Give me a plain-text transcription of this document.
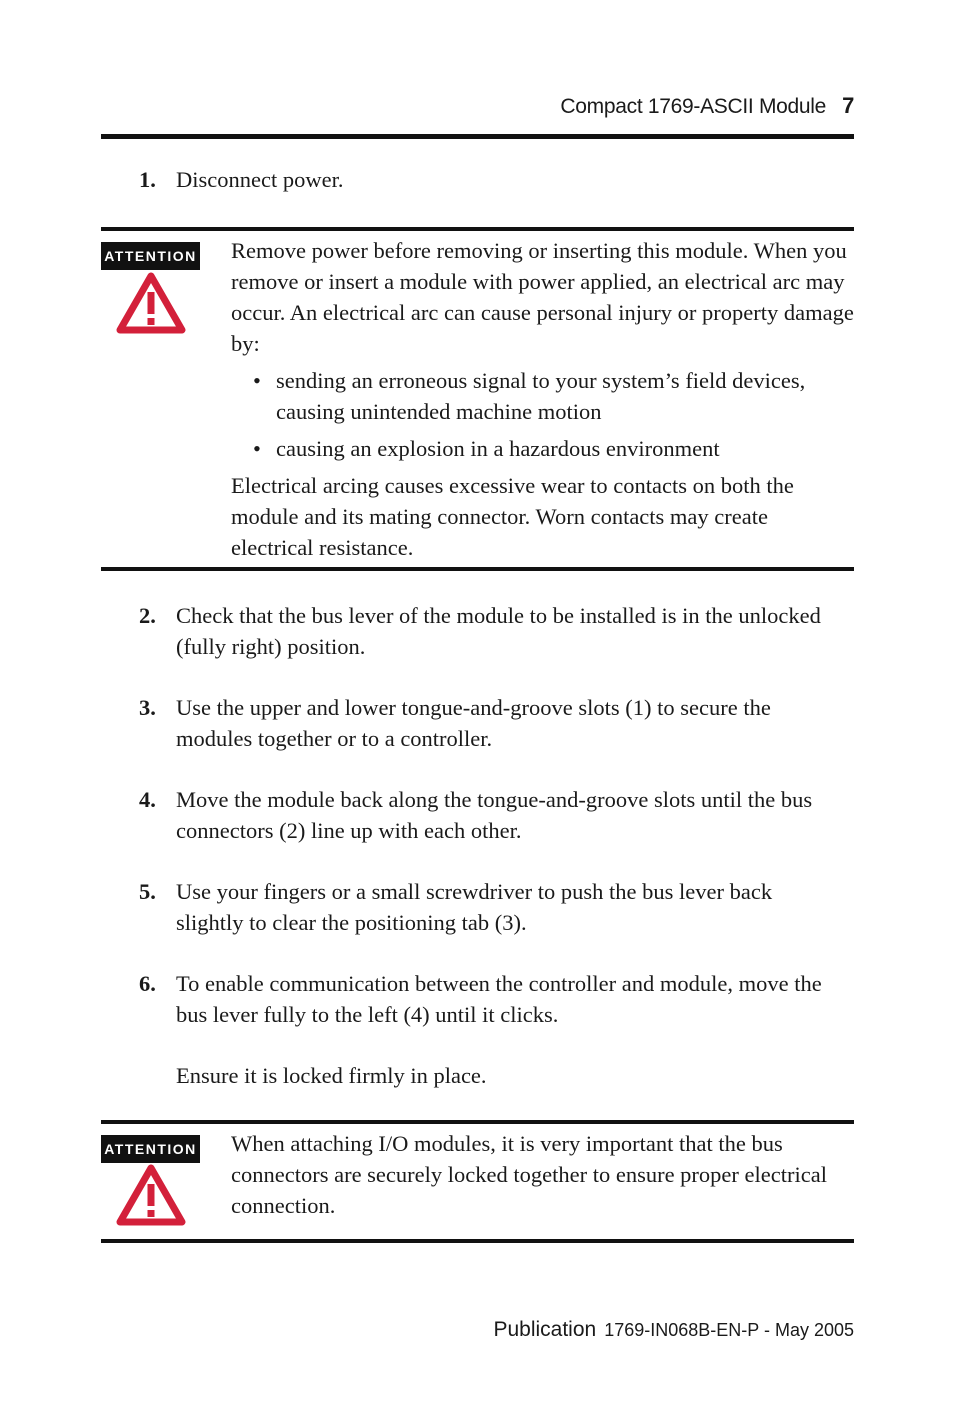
Compact 1769-ASCII Module 7
1. Disconnect power.
ATTENTION Remove power before removing or inserting this module. When you remove or insert a module with power applied, an electrical arc may occur. An electrical arc can cause personal injury or property damage by:

• sending an erroneous signal to your system’s field devices, causing unintended machine motion
• causing an explosion in a hazardous environment

Electrical arcing causes excessive wear to contacts on both the module and its mating connector. Worn contacts may create electrical resistance.

2. Check that the bus lever of the module to be installed is in the unlocked (fully right) position.
3. Use the upper and lower tongue-and-groove slots (1) to secure the modules together or to a controller.
4. Move the module back along the tongue-and-groove slots until the bus connectors (2) line up with each other.
5. Use your fingers or a small screwdriver to push the bus lever back slightly to clear the positioning tab (3).
6. To enable communication between the controller and module, move the bus lever fully to the left (4) until it clicks.
Ensure it is locked firmly in place.
ATTENTION When attaching I/O modules, it is very important that the bus connectors are securely locked together to ensure proper electrical connection.

Publication 1769-IN068B-EN-P - May 2005
